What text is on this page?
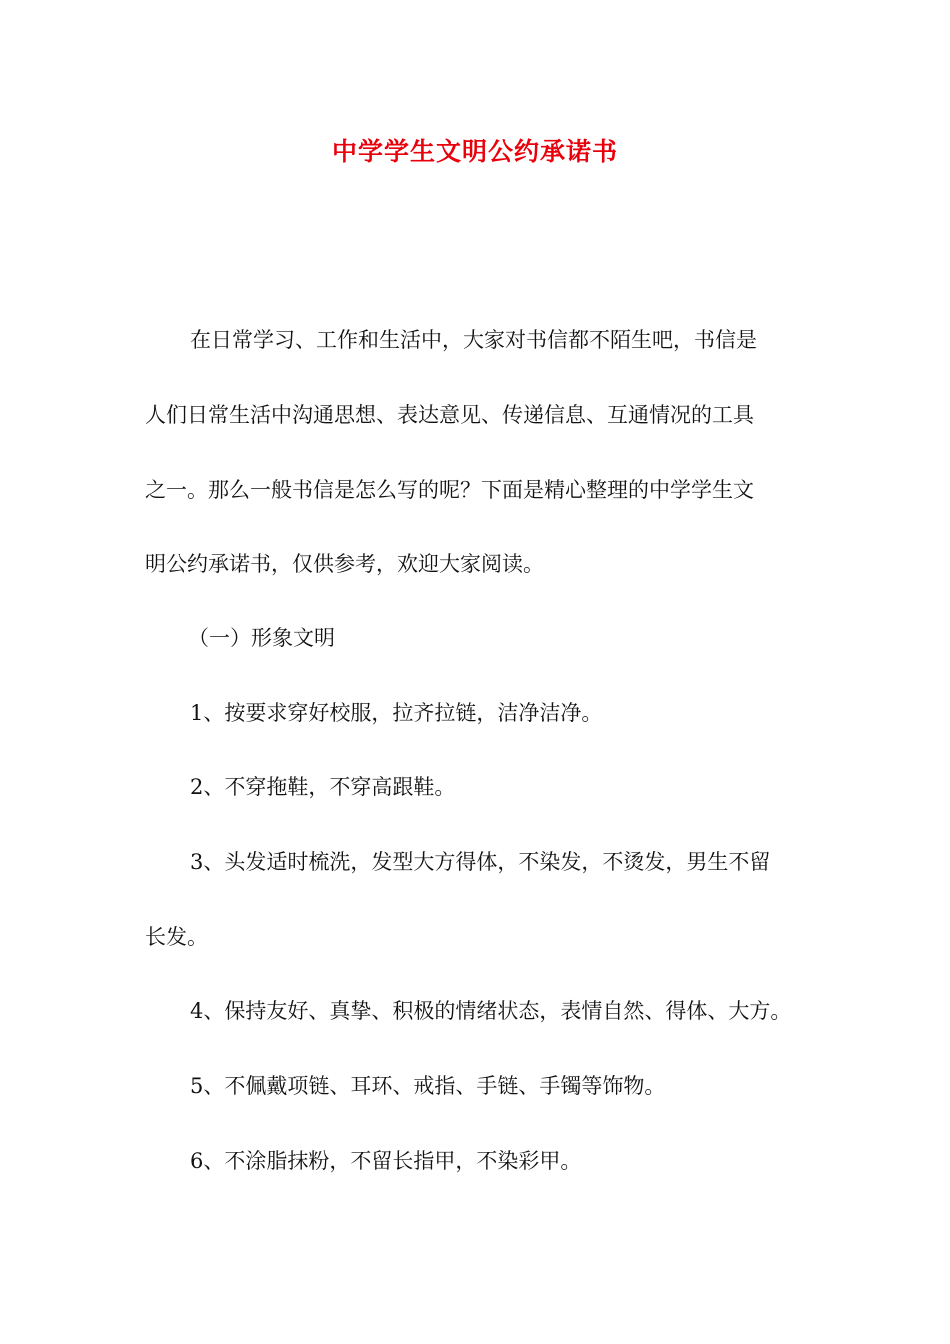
中学学生文明公约承诺书

在日常学习、工作和生活中，大家对书信都不陌生吧，书信是

人们日常生活中沟通思想、表达意见、传递信息、互通情况的工具

之一。那么一般书信是怎么写的呢？下面是精心整理的中学学生文

明公约承诺书，仅供参考，欢迎大家阅读。

（一）形象文明

1、按要求穿好校服，拉齐拉链，洁净洁净。

2、不穿拖鞋，不穿高跟鞋。

3、头发适时梳洗，发型大方得体，不染发，不烫发，男生不留

长发。

4、保持友好、真挚、积极的情绪状态，表情自然、得体、大方。

5、不佩戴项链、耳环、戒指、手链、手镯等饰物。

6、不涂脂抹粉，不留长指甲，不染彩甲。
